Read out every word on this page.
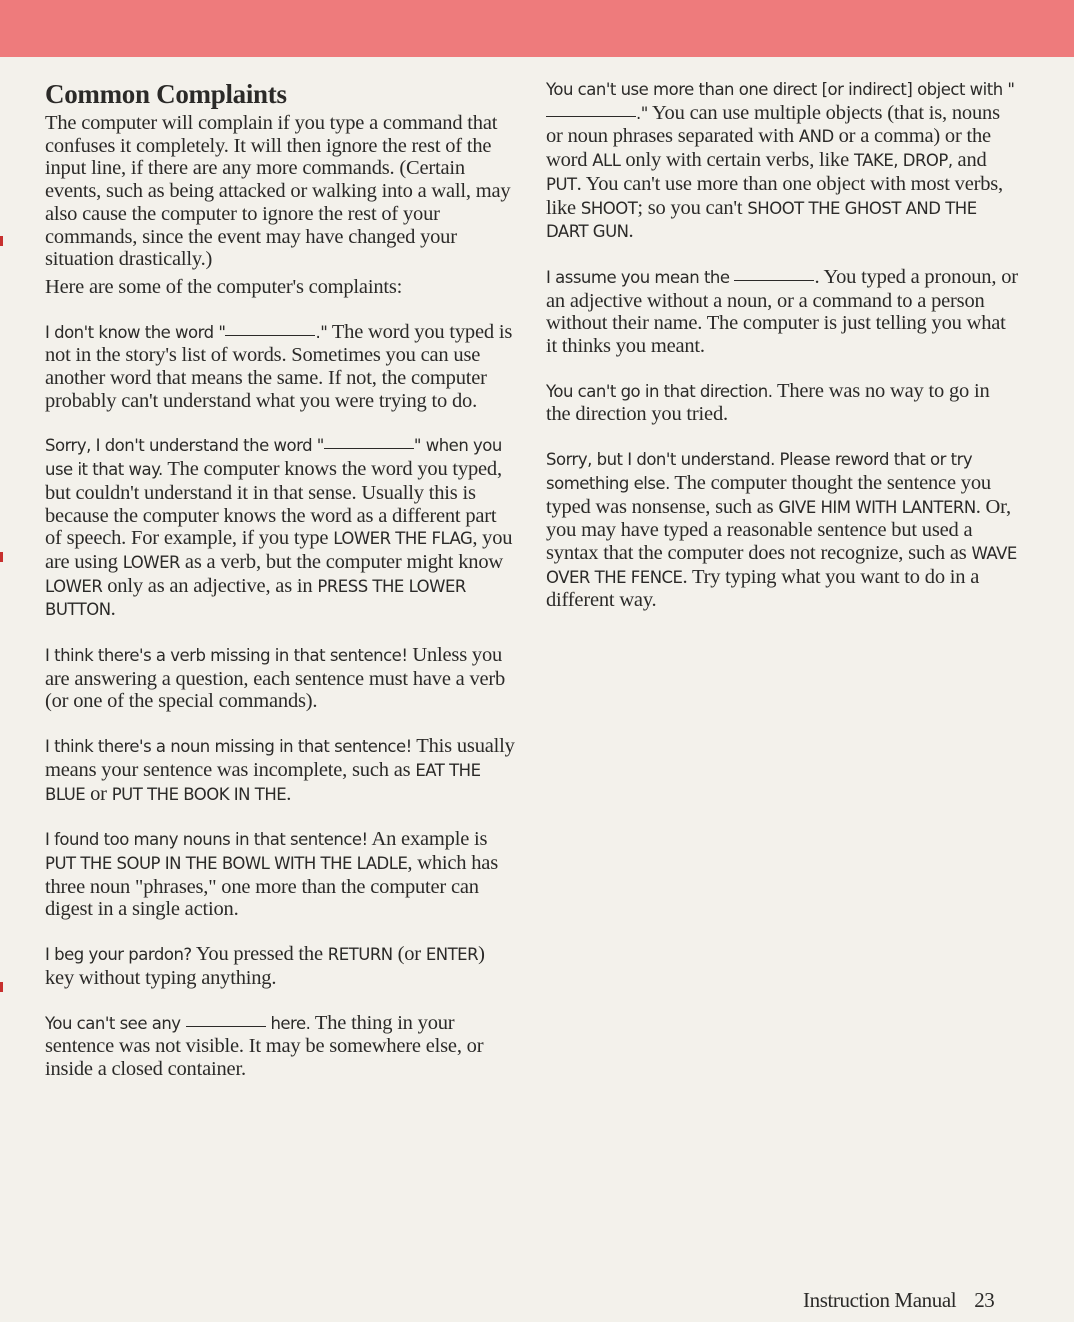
Common Complaints

The computer will complain if you type a command that confuses it completely. It will then ignore the rest of the input line, if there are any more commands. (Certain events, such as being attacked or walking into a wall, may also cause the computer to ignore the rest of your commands, since the event may have changed your situation drastically.)

Here are some of the computer's complaints:

I don't know the word "	." The word you typed is not in the story's list of words. Sometimes you can use another word that means the same. If not, the computer probably can't understand what you were trying to do.

Sorry, I don't understand the word "	" when you use it that way. The computer knows the word you typed, but couldn't understand it in that sense. Usually this is because the computer knows the word as a different part of speech. For example, if you type LOWER THE FLAG, you are using LOWER as a verb, but the computer might know LOWER only as an adjective, as in PRESS THE LOWER BUTTON.

I think there's a verb missing in that sentence! Unless you are answering a question, each sentence must have a verb (or one of the special commands).

I think there's a noun missing in that sentence! This usually means your sentence was incomplete, such as EAT THE BLUE or PUT THE BOOK IN THE.

I found too many nouns in that sentence! An example is PUT THE SOUP IN THE BOWL WITH THE LADLE, which has three noun "phrases," one more than the computer can digest in a single action.

I beg your pardon? You pressed the RETURN (or ENTER) key without typing anything.

You can't see any	here. The thing in your sentence was not visible. It may be somewhere else, or inside a closed container.

You can't use more than one direct [or indirect] object with "." You can use multiple objects (that is, nouns or noun phrases separated with AND or a comma) or the word ALL only with certain verbs, like TAKE, DROP, and PUT. You can't use more than one object with most verbs, like SHOOT; so you can't SHOOT THE GHOST AND THE DART GUN.

I assume you mean the	. You typed a pronoun, or an adjective without a noun, or a command to a person without their name. The computer is just telling you what it thinks you meant.

You can't go in that direction. There was no way to go in the direction you tried.

Sorry, but I don't understand. Please reword that or try something else. The computer thought the sentence you typed was nonsense, such as GIVE HIM WITH LANTERN. Or, you may have typed a reasonable sentence but used a syntax that the computer does not recognize, such as WAVE OVER THE FENCE. Try typing what you want to do in a different way.

Instruction Manual 23
